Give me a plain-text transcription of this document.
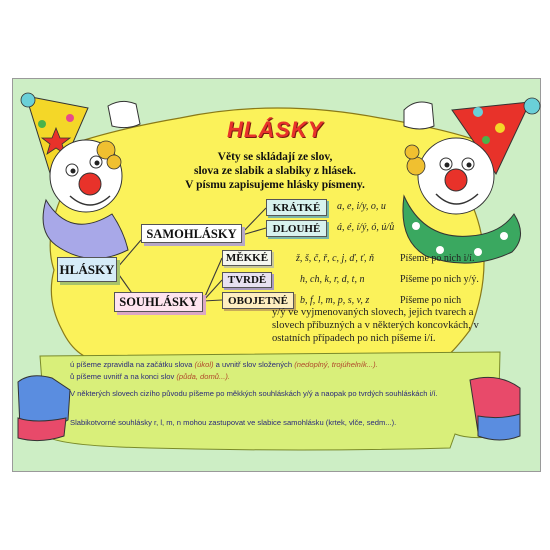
HLÁSKY
Věty se skládají ze slov,
slova ze slabik a slabiky z hlásek.
V písmu zapisujeme hlásky písmeny.
HLÁSKY
SAMOHLÁSKY
SOUHLÁSKY
KRÁTKÉ	a, e, i/y, o, u
DLOUHÉ	á, é, í/ý, ó, ú/ů
MĚKKÉ	ž, š, č, ř, c, j, ď, ť, ň	Píšeme po nich i/í.
TVRDÉ	h, ch, k, r, d, t, n	Píšeme po nich y/ý.
OBOJETNÉ	b, f, l, m, p, s, v, z	Píšeme po nich
y/ý ve vyjmenovaných slovech, jejich tvarech a slovech příbuzných a v některých koncovkách, v ostatních případech po nich píšeme i/í.
ú píšeme zpravidla na začátku slova (úkol) a uvnitř slov složených (nedoplný, trojúhelník...).
ů píšeme uvnitř a na konci slov (půda, domů...).
V některých slovech cizího původu píšeme po měkkých souhláskách y/ý a naopak po tvrdých souhláskách i/í.
Slabikotvorné souhlásky r, l, m, n mohou zastupovat ve slabice samohlásku (krtek, vlče, sedm...).
